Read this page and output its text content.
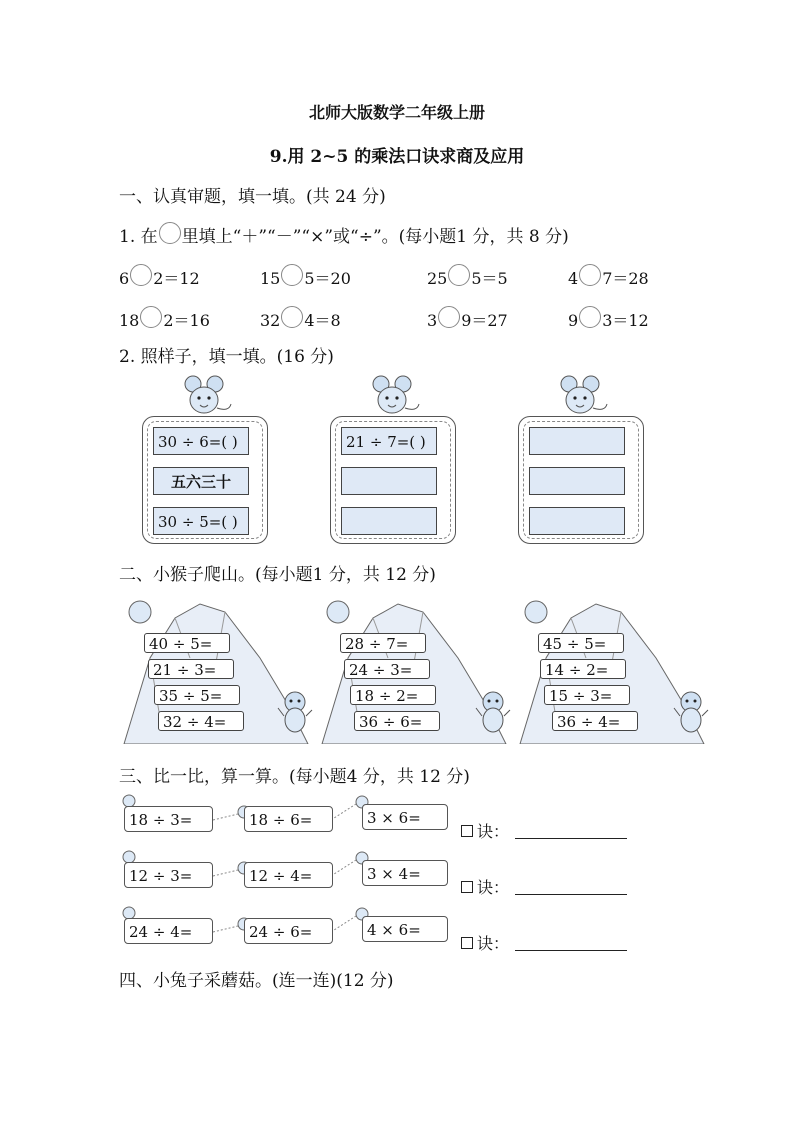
北师大版数学二年级上册
9.用 2~5 的乘法口诀求商及应用
一、认真审题，填一填。(共 24 分)
1. 在 里填上“＋”“－”“×”或“÷”。(每小题1 分，共 8 分)
6 2＝12	15 5＝20	25 5＝5	4 7＝28
18 2＝16	32 4＝8	3 9＝27	9 3＝12
2. 照样子，填一填。(16 分)
30 ÷ 6=( )
五六三十
30 ÷ 5=( )
21 ÷ 7=( )
二、小猴子爬山。(每小题1 分，共 12 分)
40 ÷ 5=
21 ÷ 3=
35 ÷ 5=
32 ÷ 4=
28 ÷ 7=
24 ÷ 3=
18 ÷ 2=
36 ÷ 6=
45 ÷ 5=
14 ÷ 2=
15 ÷ 3=
36 ÷ 4=
三、比一比，算一算。(每小题4 分，共 12 分)
18 ÷ 3=	18 ÷ 6=	3 × 6=
诀：
12 ÷ 3=	12 ÷ 4=	3 × 4=
诀：
24 ÷ 4=	24 ÷ 6=	4 × 6=
诀：
四、小兔子采蘑菇。(连一连)(12 分)
